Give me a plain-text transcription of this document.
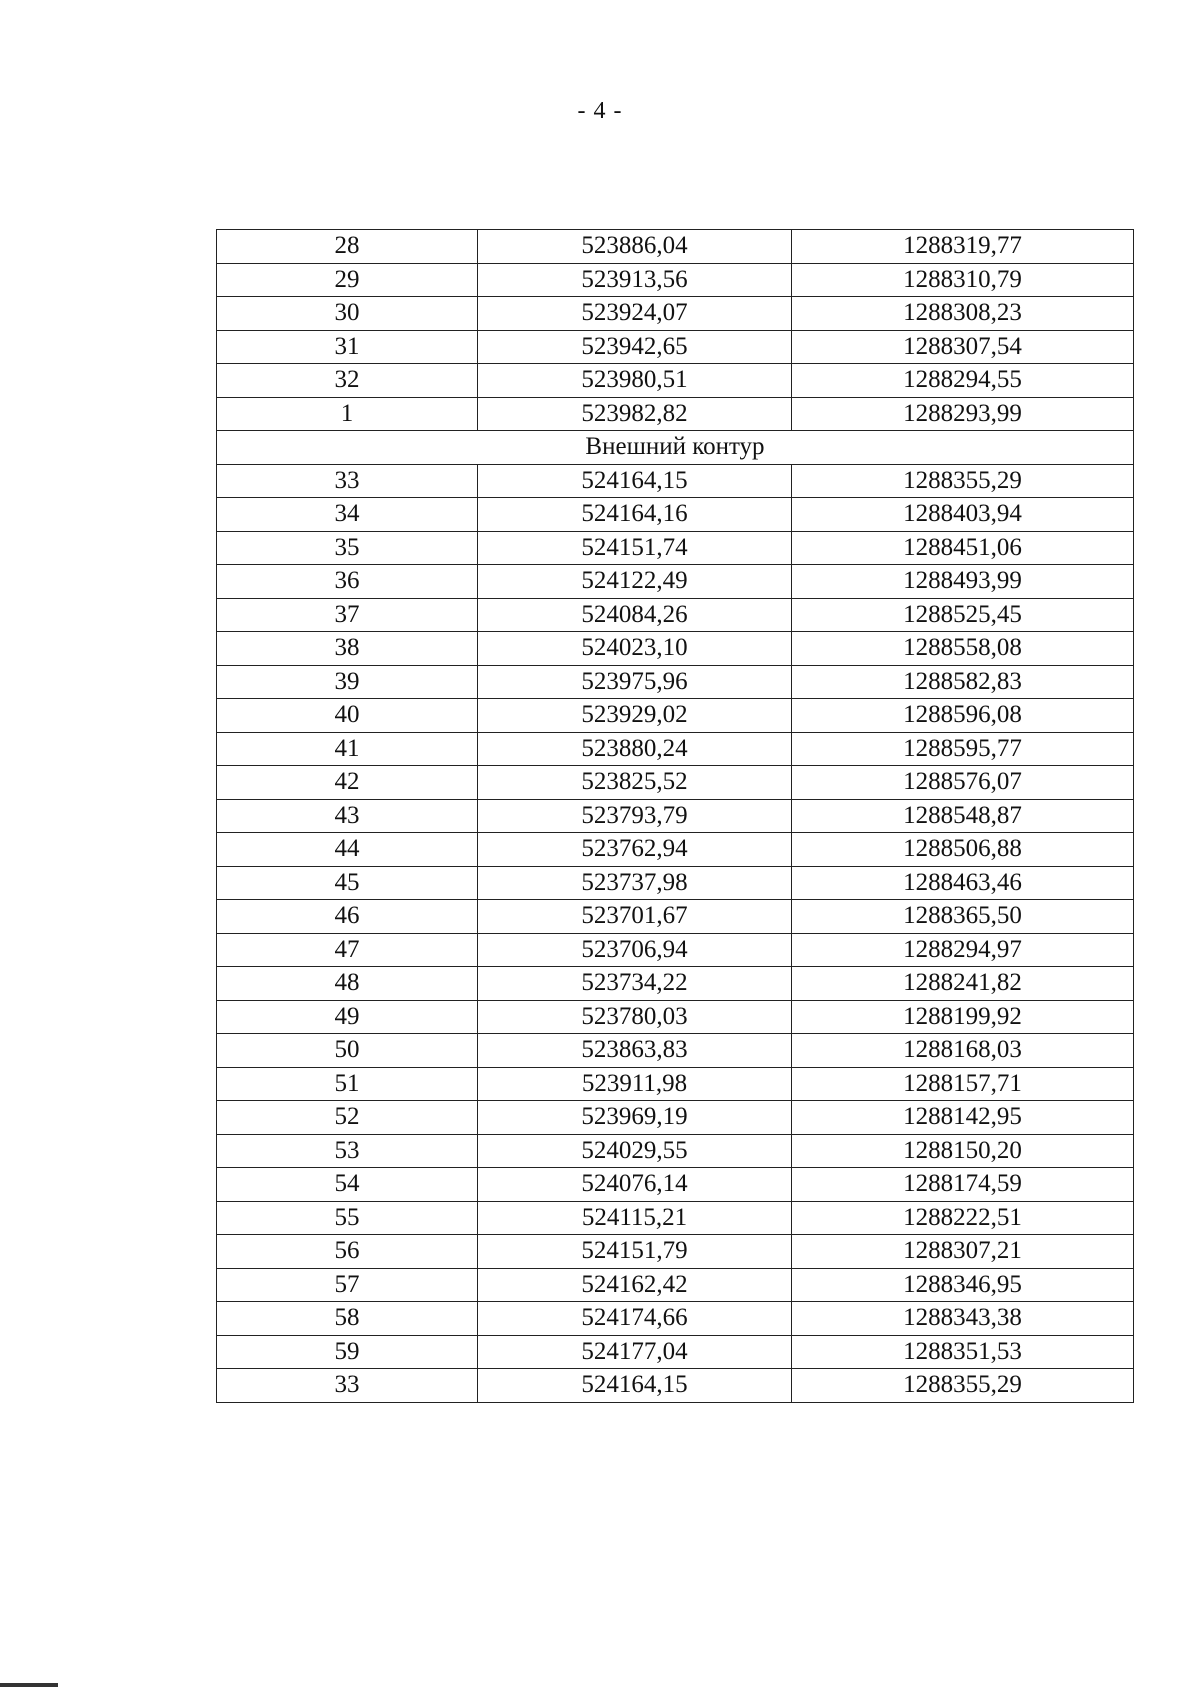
- 4 -
28	523886,04	1288319,77
29	523913,56	1288310,79
30	523924,07	1288308,23
31	523942,65	1288307,54
32	523980,51	1288294,55
1	523982,82	1288293,99
Внешний контур		
33	524164,15	1288355,29
34	524164,16	1288403,94
35	524151,74	1288451,06
36	524122,49	1288493,99
37	524084,26	1288525,45
38	524023,10	1288558,08
39	523975,96	1288582,83
40	523929,02	1288596,08
41	523880,24	1288595,77
42	523825,52	1288576,07
43	523793,79	1288548,87
44	523762,94	1288506,88
45	523737,98	1288463,46
46	523701,67	1288365,50
47	523706,94	1288294,97
48	523734,22	1288241,82
49	523780,03	1288199,92
50	523863,83	1288168,03
51	523911,98	1288157,71
52	523969,19	1288142,95
53	524029,55	1288150,20
54	524076,14	1288174,59
55	524115,21	1288222,51
56	524151,79	1288307,21
57	524162,42	1288346,95
58	524174,66	1288343,38
59	524177,04	1288351,53
33	524164,15	1288355,29
